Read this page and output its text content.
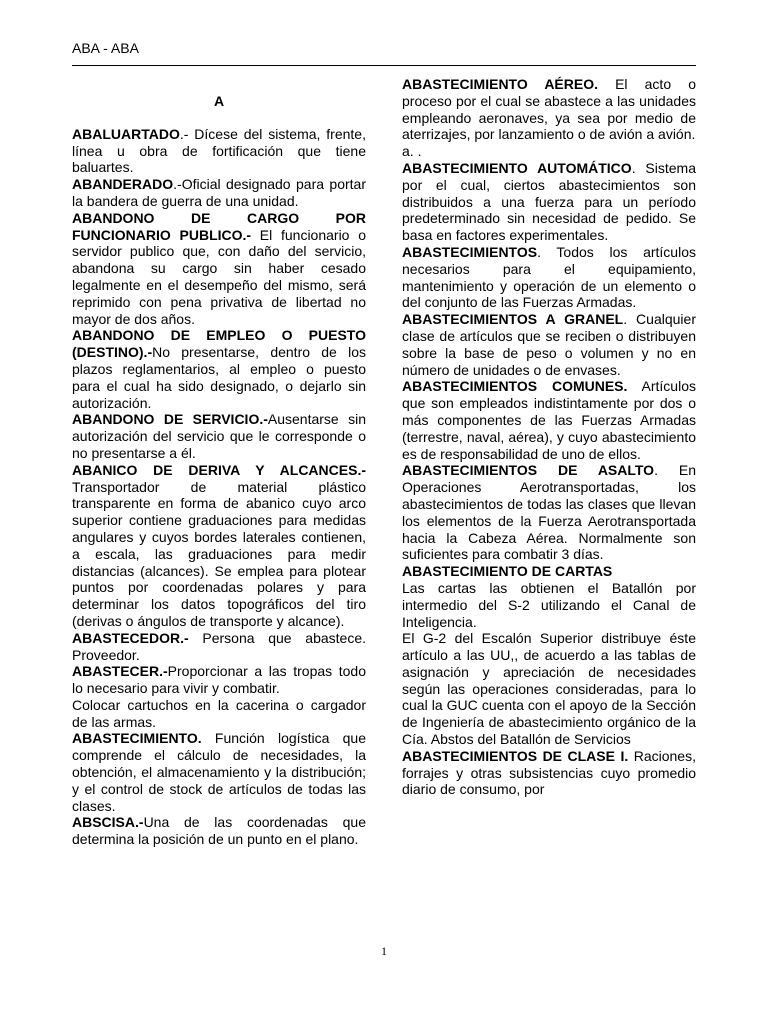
ABA - ABA
A

ABALUARTADO.- Dícese del sistema, frente, línea u obra de fortificación que tiene baluartes.

ABANDERADO.-Oficial designado para portar la bandera de guerra de una unidad.

ABANDONO DE CARGO POR FUNCIONARIO PUBLICO.- El funcionario o servidor publico que, con daño del servicio, abandona su cargo sin haber cesado legalmente en el desempeño del mismo, será reprimido con pena privativa de libertad no mayor de dos años.

ABANDONO DE EMPLEO O PUESTO (DESTINO).-No presentarse, dentro de los plazos reglamentarios, al empleo o puesto para el cual ha sido designado, o dejarlo sin autorización.

ABANDONO DE SERVICIO.-Ausentarse sin autorización del servicio que le corresponde o no presentarse a él.

ABANICO DE DERIVA Y ALCANCES.- Transportador de material plástico transparente en forma de abanico cuyo arco superior contiene graduaciones para medidas angulares y cuyos bordes laterales contienen, a escala, las graduaciones para medir distancias (alcances). Se emplea para plotear puntos por coordenadas polares y para determinar los datos topográficos del tiro (derivas o ángulos de transporte y alcance).

ABASTECEDOR.- Persona que abastece. Proveedor.

ABASTECER.-Proporcionar a las tropas todo lo necesario para vivir y combatir.

Colocar cartuchos en la cacerina o cargador de las armas.

ABASTECIMIENTO. Función logística que comprende el cálculo de necesidades, la obtención, el almacenamiento y la distribución; y el control de stock de artículos de todas las clases.

ABSCISA.-Una de las coordenadas que determina la posición de un punto en el plano.

ABASTECIMIENTO AÉREO. El acto o proceso por el cual se abastece a las unidades empleando aeronaves, ya sea por medio de aterrizajes, por lanzamiento o de avión a avión.

a. .

ABASTECIMIENTO AUTOMÁTICO. Sistema por el cual, ciertos abastecimientos son distribuidos a una fuerza para un período predeterminado sin necesidad de pedido. Se basa en factores experimentales.

ABASTECIMIENTOS. Todos los artículos necesarios para el equipamiento, mantenimiento y operación de un elemento o del conjunto de las Fuerzas Armadas.

ABASTECIMIENTOS A GRANEL. Cualquier clase de artículos que se reciben o distribuyen sobre la base de peso o volumen y no en número de unidades o de envases.

ABASTECIMIENTOS COMUNES. Artículos que son empleados indistintamente por dos o más componentes de las Fuerzas Armadas (terrestre, naval, aérea), y cuyo abastecimiento es de responsabilidad de uno de ellos.

ABASTECIMIENTOS DE ASALTO. En Operaciones Aerotransportadas, los abastecimientos de todas las clases que llevan los elementos de la Fuerza Aerotransportada hacia la Cabeza Aérea. Normalmente son suficientes para combatir 3 días.

ABASTECIMIENTO DE CARTAS

Las cartas las obtienen el Batallón por intermedio del S-2 utilizando el Canal de Inteligencia.

El G-2 del Escalón Superior distribuye éste artículo a las UU,, de acuerdo a las tablas de asignación y apreciación de necesidades según las operaciones consideradas, para lo cual la GUC cuenta con el apoyo de la Sección de Ingeniería de abastecimiento orgánico de la Cía. Abstos del Batallón de Servicios

ABASTECIMIENTOS DE CLASE I. Raciones, forrajes y otras subsistencias cuyo promedio diario de consumo, por

1
